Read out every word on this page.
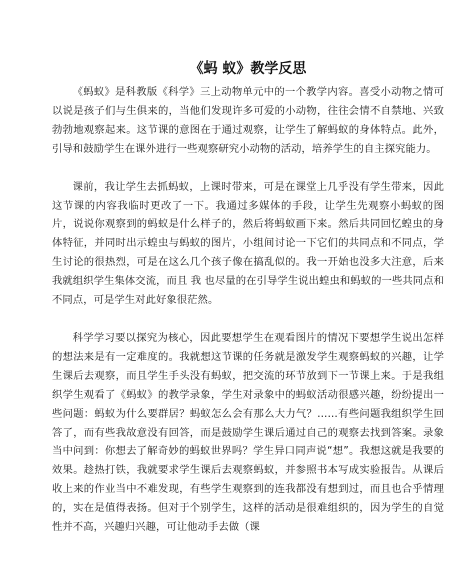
《蚂 蚁》教学反思

《蚂蚁》是科教版《科学》三上动物单元中的一个教学内容。喜受小动物之情可以说是孩子们与生俱来的，当他们发现许多可爱的小动物，往往会情不自禁地、兴致勃勃地观察起来。这节课的意图在于通过观察，让学生了解蚂蚁的身体特点。此外，引导和鼓励学生在课外进行一些观察研究小动物的活动，培养学生的自主探究能力。

课前，我让学生去抓蚂蚁，上课时带来，可是在课堂上几乎没有学生带来，因此这节课的内容我临时更改了一下。我通过多媒体的手段，让学生先观察小蚂蚁的图片，说说你观察到的蚂蚁是什么样子的，然后将蚂蚁画下来。然后共同回忆蝗虫的身体特征，并同时出示蝗虫与蚂蚁的图片，小组间讨论一下它们的共同点和不同点，学生讨论的很热烈，可是在这么几个孩子像在搞乱似的。我一开始也没多大注意，后来我就组织学生集体交流，而且 我 也尽量的在引导学生说出蝗虫和蚂蚁的一些共同点和不同点，可是学生对此好象很茫然。

科学学习要以探究为核心，因此要想学生在观看图片的情况下要想学生说出怎样的想法来是有一定难度的。我就想这节课的任务就是激发学生观察蚂蚁的兴趣，让学生课后去观察，而且学生手头没有蚂蚁，把交流的环节放到下一节课上来。于是我组织学生观看了《蚂蚁》的教学录象，学生对录象中的蚂蚁活动很感兴趣，纷纷提出一些问题：蚂蚁为什么要群居？蚂蚁怎么会有那么大力气？……有些问题我组织学生回答了，而有些我故意没有回答，而是鼓励学生课后通过自己的观察去找到答案。录象当中问到：你想去了解奇妙的蚂蚁世界吗？学生异口同声说“想”。我想这就是我要的效果。趁热打铁，我就要求学生课后去观察蚂蚁，并参照书本写成实验报告。从课后收上来的作业当中不难发现，有些学生观察到的连我都没有想到过，而且也合乎情理的，实在是值得表扬。但对于个别学生，这样的活动是很难组织的，因为学生的自觉性并不高，兴趣归兴趣，可让他动手去做（课
